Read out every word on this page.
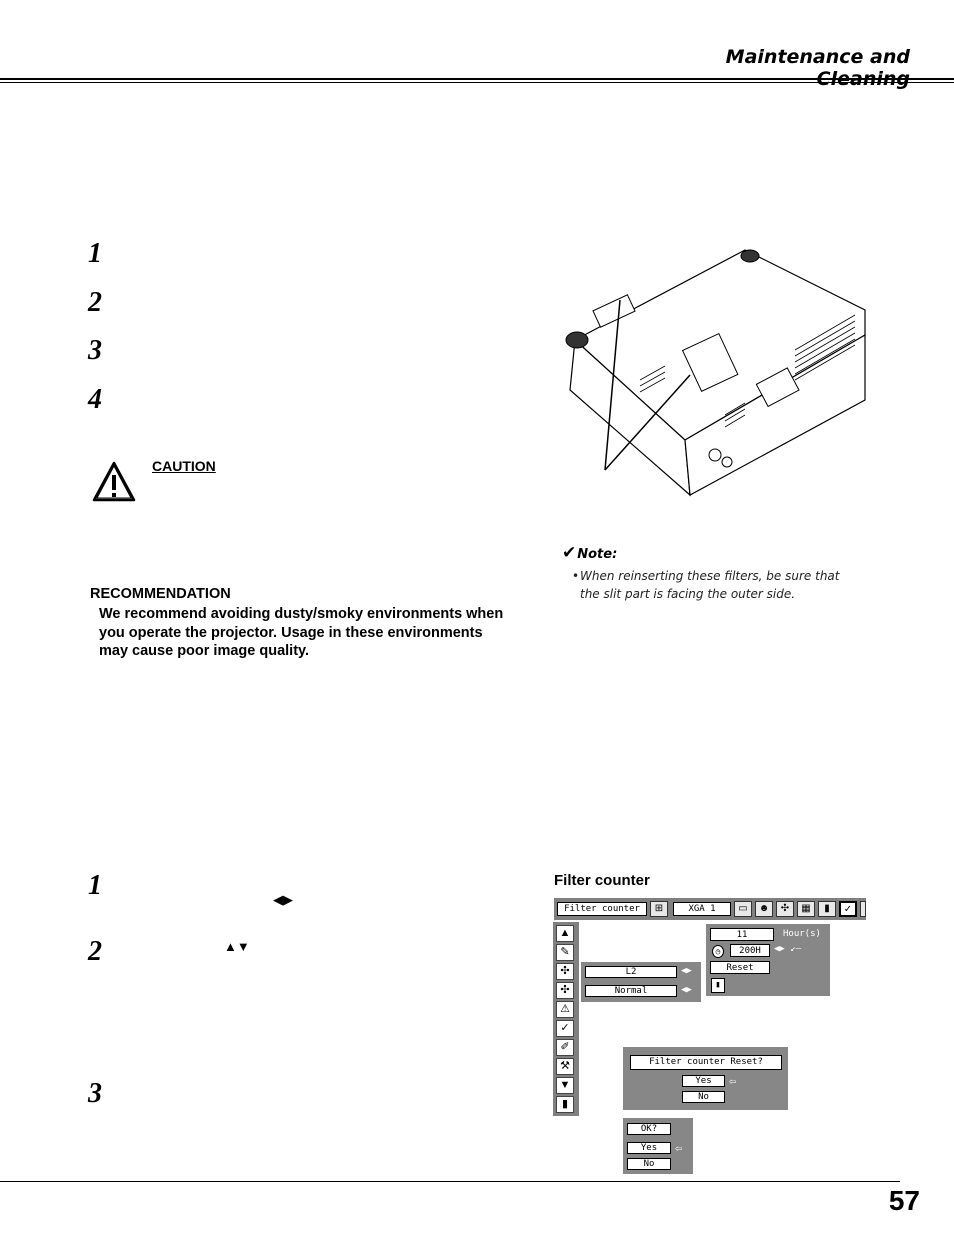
Maintenance and
1
2
3
4
CAUTION
RECOMMENDATION
We recommend avoiding dusty/smoky environments when you operate the projector. Usage in these environments may cause poor image quality.
✔Note:
• When reinserting these filters, be sure that the slit part is facing the outer side.
1
2
3
◀▶
▲▼
Filter counter
Filter counter	⊞	XGA 1	▭	☻	✣	▦	▮	✓
▲
✎
✣
✣
⚠
✓
✐
⚒
▼
▮
11	Hour(s)
◷	200H	◀▶ ↙—
Reset
▮
L2	◀▶
Normal	◀▶
Filter counter Reset?
Yes	⇦
No
OK?
Yes	⇦
No
57
